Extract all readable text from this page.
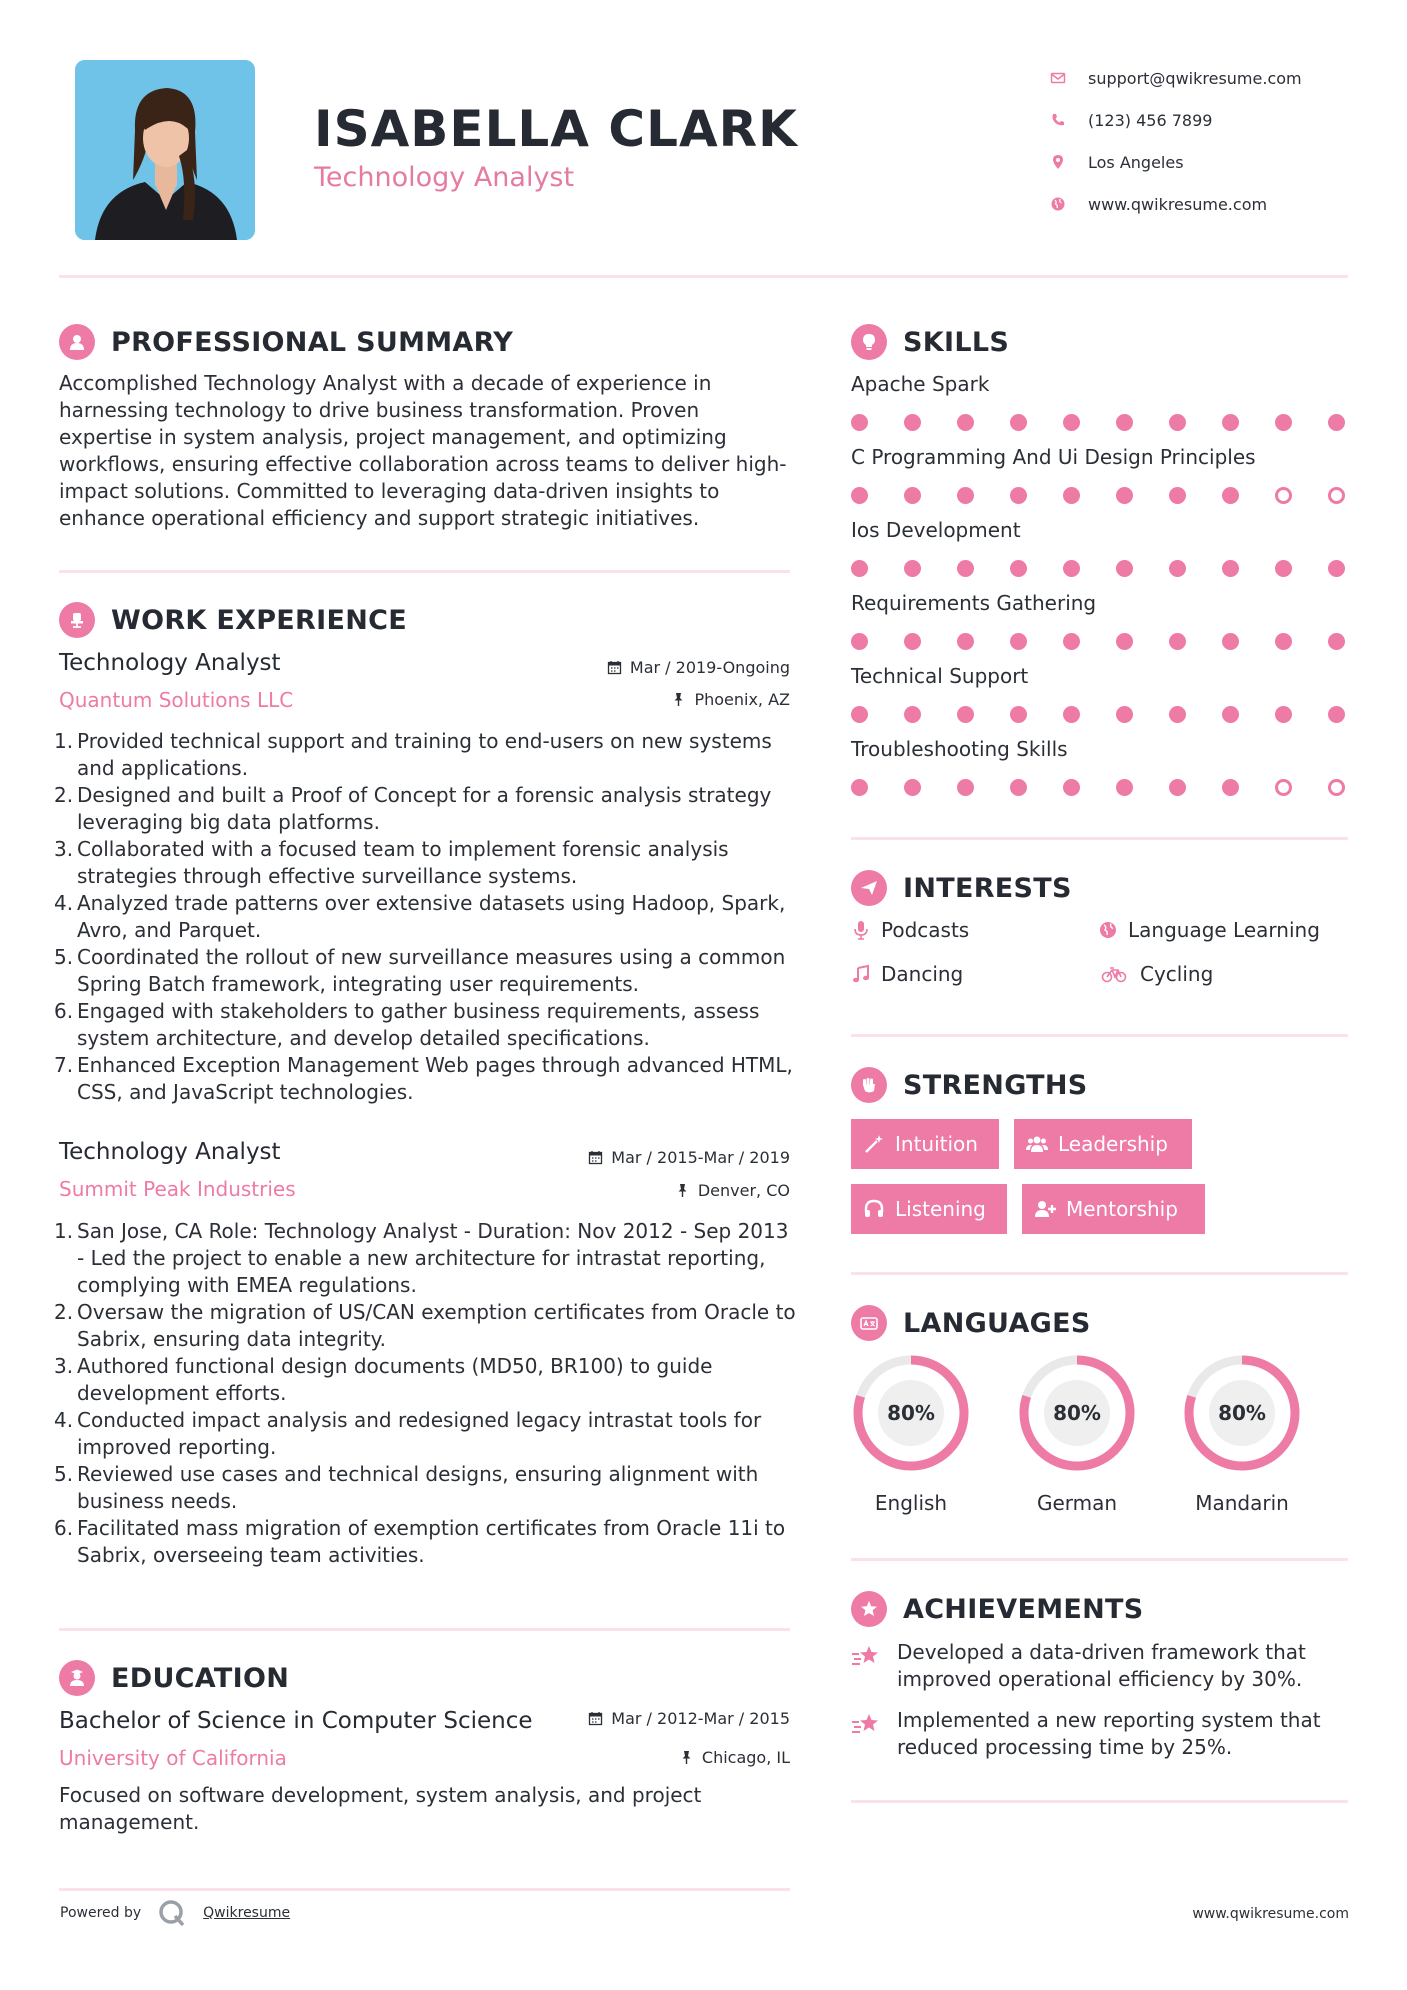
ISABELLA CLARK
Technology Analyst
support@qwikresume.com
(123) 456 7899
Los Angeles
www.qwikresume.com
PROFESSIONAL SUMMARY
Accomplished Technology Analyst with a decade of experience in harnessing technology to drive business transformation. Proven expertise in system analysis, project management, and optimizing workflows, ensuring effective collaboration across teams to deliver high-impact solutions. Committed to leveraging data-driven insights to enhance operational efficiency and support strategic initiatives.
WORK EXPERIENCE
Technology Analyst
Quantum Solutions LLC
Mar / 2019-Ongoing
Phoenix, AZ
1. Provided technical support and training to end-users on new systems and applications.
2. Designed and built a Proof of Concept for a forensic analysis strategy leveraging big data platforms.
3. Collaborated with a focused team to implement forensic analysis strategies through effective surveillance systems.
4. Analyzed trade patterns over extensive datasets using Hadoop, Spark, Avro, and Parquet.
5. Coordinated the rollout of new surveillance measures using a common Spring Batch framework, integrating user requirements.
6. Engaged with stakeholders to gather business requirements, assess system architecture, and develop detailed specifications.
7. Enhanced Exception Management Web pages through advanced HTML, CSS, and JavaScript technologies.
Technology Analyst
Summit Peak Industries
Mar / 2015-Mar / 2019
Denver, CO
1. San Jose, CA Role: Technology Analyst - Duration: Nov 2012 - Sep 2013 - Led the project to enable a new architecture for intrastat reporting, complying with EMEA regulations.
2. Oversaw the migration of US/CAN exemption certificates from Oracle to Sabrix, ensuring data integrity.
3. Authored functional design documents (MD50, BR100) to guide development efforts.
4. Conducted impact analysis and redesigned legacy intrastat tools for improved reporting.
5. Reviewed use cases and technical designs, ensuring alignment with business needs.
6. Facilitated mass migration of exemption certificates from Oracle 11i to Sabrix, overseeing team activities.
EDUCATION
Bachelor of Science in Computer Science
University of California
Mar / 2012-Mar / 2015
Chicago, IL
Focused on software development, system analysis, and project management.
SKILLS
Apache Spark
C Programming And Ui Design Principles
Ios Development
Requirements Gathering
Technical Support
Troubleshooting Skills
INTERESTS
Podcasts	Language Learning
Dancing	Cycling
STRENGTHS
Intuition	Leadership
Listening	Mentorship
LANGUAGES
80%
English
80%
German
80%
Mandarin
ACHIEVEMENTS
Developed a data-driven framework that improved operational efficiency by 30%.
Implemented a new reporting system that reduced processing time by 25%.
Powered by	Qwikresume	www.qwikresume.com
